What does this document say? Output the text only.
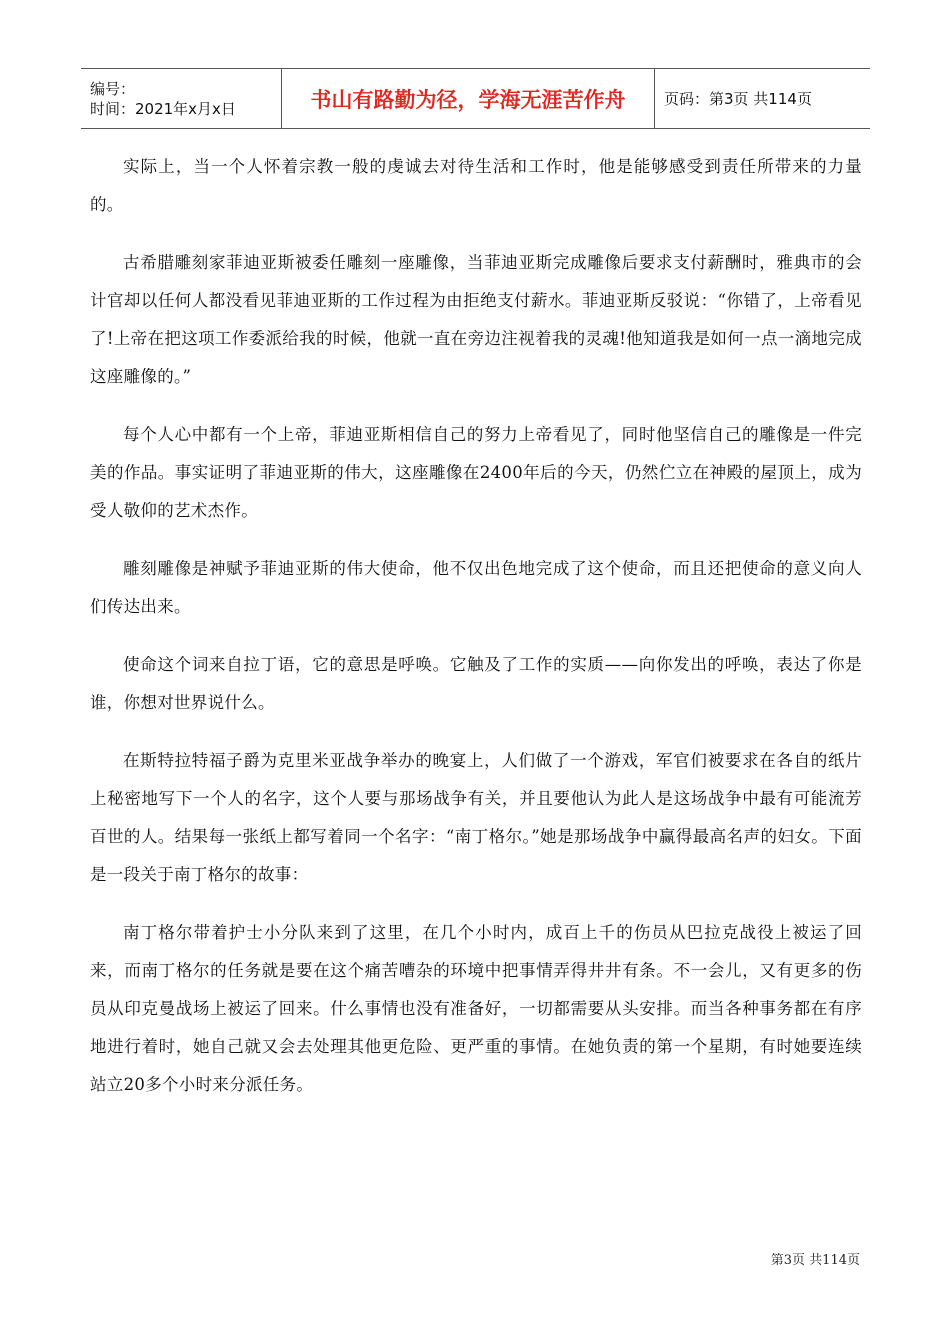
编号：
时间：2021年x月x日	书山有路勤为径，学海无涯苦作舟	页码：第3页 共114页

实际上，当一个人怀着宗教一般的虔诚去对待生活和工作时，他是能够感受到责任所带来的力量的。

古希腊雕刻家菲迪亚斯被委任雕刻一座雕像，当菲迪亚斯完成雕像后要求支付薪酬时，雅典市的会计官却以任何人都没看见菲迪亚斯的工作过程为由拒绝支付薪水。菲迪亚斯反驳说：“你错了，上帝看见了!上帝在把这项工作委派给我的时候，他就一直在旁边注视着我的灵魂!他知道我是如何一点一滴地完成这座雕像的。”

每个人心中都有一个上帝，菲迪亚斯相信自己的努力上帝看见了，同时他坚信自己的雕像是一件完美的作品。事实证明了菲迪亚斯的伟大，这座雕像在2400年后的今天，仍然伫立在神殿的屋顶上，成为受人敬仰的艺术杰作。

雕刻雕像是神赋予菲迪亚斯的伟大使命，他不仅出色地完成了这个使命，而且还把使命的意义向人们传达出来。

使命这个词来自拉丁语，它的意思是呼唤。它触及了工作的实质——向你发出的呼唤，表达了你是谁，你想对世界说什么。

在斯特拉特福子爵为克里米亚战争举办的晚宴上，人们做了一个游戏，军官们被要求在各自的纸片上秘密地写下一个人的名字，这个人要与那场战争有关，并且要他认为此人是这场战争中最有可能流芳百世的人。结果每一张纸上都写着同一个名字：“南丁格尔。”她是那场战争中赢得最高名声的妇女。下面是一段关于南丁格尔的故事：

南丁格尔带着护士小分队来到了这里，在几个小时内，成百上千的伤员从巴拉克战役上被运了回来，而南丁格尔的任务就是要在这个痛苦嘈杂的环境中把事情弄得井井有条。不一会儿，又有更多的伤员从印克曼战场上被运了回来。什么事情也没有准备好，一切都需要从头安排。而当各种事务都在有序地进行着时，她自己就又会去处理其他更危险、更严重的事情。在她负责的第一个星期，有时她要连续站立20多个小时来分派任务。

第3页 共114页
